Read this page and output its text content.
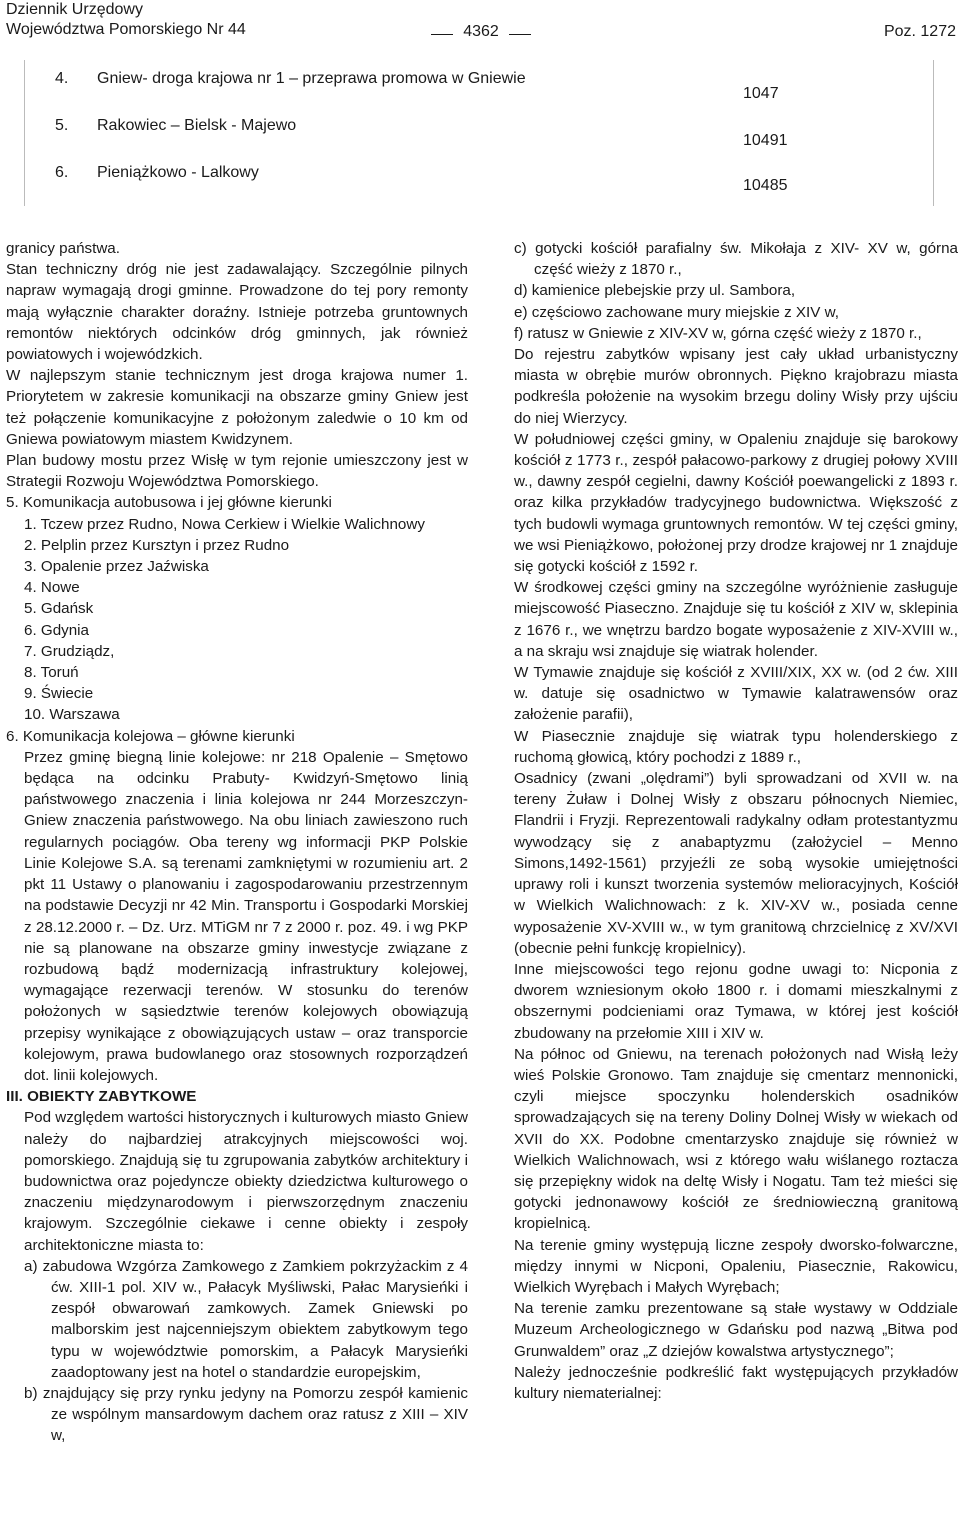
Dziennik Urzędowy
Województwa Pomorskiego Nr 44	4362	Poz. 1272
4. Gniew- droga krajowa nr 1 – przeprawa promowa w Gniewie
5. Rakowiec – Bielsk - Majewo
6. Pieniążkowo - Lalkowy
1047
10491
10485

granicy państwa.

Stan techniczny dróg nie jest zadawalający. Szczególnie pilnych napraw wymagają drogi gminne. Prowadzone do tej pory remonty mają wyłącznie charakter doraźny. Istnieje potrzeba gruntownych remontów niektórych odcinków dróg gminnych, jak również powiatowych i wojewódzkich.

W najlepszym stanie technicznym jest droga krajowa numer 1. Priorytetem w zakresie komunikacji na obszarze gminy Gniew jest też połączenie komunikacyjne z położonym zaledwie o 10 km od Gniewa powiatowym miastem Kwidzynem.

Plan budowy mostu przez Wisłę w tym rejonie umieszczony jest w Strategii Rozwoju Województwa Pomorskiego.

5. Komunikacja autobusowa i jej główne kierunki

1. Tczew przez Rudno, Nowa Cerkiew i Wielkie Walichnowy

2. Pelplin przez Kursztyn i przez Rudno

3. Opalenie przez Jaźwiska

4. Nowe

5. Gdańsk

6. Gdynia

7. Grudziądz,

8. Toruń

9. Świecie

10. Warszawa

6. Komunikacja kolejowa – główne kierunki

Przez gminę biegną linie kolejowe: nr 218 Opalenie – Smętowo będąca na odcinku Prabuty- Kwidzyń-Smętowo linią państwowego znaczenia i linia kolejowa nr 244 Morzeszczyn-Gniew znaczenia państwowego. Na obu liniach zawieszono ruch regularnych pociągów. Oba tereny wg informacji PKP Polskie Linie Kolejowe S.A. są terenami zamkniętymi w rozumieniu art. 2 pkt 11 Ustawy o planowaniu i zagospodarowaniu przestrzennym na podstawie Decyzji nr 42 Min. Transportu i Gospodarki Morskiej z 28.12.2000 r. – Dz. Urz. MTiGM nr 7 z 2000 r. poz. 49. i wg PKP nie są planowane na obszarze gminy inwestycje związane z rozbudową bądź modernizacją infrastruktury kolejowej, wymagające rezerwacji terenów. W stosunku do terenów położonych w sąsiedztwie terenów kolejowych obowiązują przepisy wynikające z obowiązujących ustaw – oraz transporcie kolejowym, prawa budowlanego oraz stosownych rozporządzeń dot. linii kolejowych.

III. OBIEKTY ZABYTKOWE

Pod względem wartości historycznych i kulturowych miasto Gniew należy do najbardziej atrakcyjnych miejscowości woj. pomorskiego. Znajdują się tu zgrupowania zabytków architektury i budownictwa oraz pojedyncze obiekty dziedzictwa kulturowego o znaczeniu międzynarodowym i pierwszorzędnym znaczeniu krajowym. Szczególnie ciekawe i cenne obiekty i zespoły architektoniczne miasta to:

a) zabudowa Wzgórza Zamkowego z Zamkiem pokrzyżackim z 4 ćw. XIII-1 pol. XIV w., Pałacyk Myśliwski, Pałac Marysieńki i zespół obwarowań zamkowych. Zamek Gniewski po malborskim jest najcenniejszym obiektem zabytkowym tego typu w województwie pomorskim, a Pałacyk Marysieńki zaadoptowany jest na hotel o standardzie europejskim,

b) znajdujący się przy rynku jedyny na Pomorzu zespół kamienic ze wspólnym mansardowym dachem oraz ratusz z XIII – XIV w,

c) gotycki kościół parafialny św. Mikołaja z XIV- XV w, górna część wieży z 1870 r.,

d) kamienice plebejskie przy ul. Sambora,

e) częściowo zachowane mury miejskie z XIV w,

f) ratusz w Gniewie z XIV-XV w, górna część wieży z 1870 r.,

Do rejestru zabytków wpisany jest cały układ urbanistyczny miasta w obrębie murów obronnych. Piękno krajobrazu miasta podkreśla położenie na wysokim brzegu doliny Wisły przy ujściu do niej Wierzycy.

W południowej części gminy, w Opaleniu znajduje się barokowy kościół z 1773 r., zespół pałacowo-parkowy z drugiej połowy XVIII w., dawny zespół cegielni, dawny Kościół poewangelicki z 1893 r. oraz kilka przykładów tradycyjnego budownictwa. Większość z tych budowli wymaga gruntownych remontów. W tej części gminy, we wsi Pieniążkowo, położonej przy drodze krajowej nr 1 znajduje się gotycki kościół z 1592 r.

W środkowej części gminy na szczególne wyróżnienie zasługuje miejscowość Piaseczno. Znajduje się tu kościół z XIV w, sklepinia z 1676 r., we wnętrzu bardzo bogate wyposażenie z XIV-XVIII w., a na skraju wsi znajduje się wiatrak holender.

W Tymawie znajduje się kościół z XVIII/XIX, XX w. (od 2 ćw. XIII w. datuje się osadnictwo w Tymawie kalatrawensów oraz założenie parafii),

W Piasecznie znajduje się wiatrak typu holenderskiego z ruchomą głowicą, który pochodzi z 1889 r.,

Osadnicy (zwani „olędrami”) byli sprowadzani od XVII w. na tereny Żuław i Dolnej Wisły z obszaru północnych Niemiec, Flandrii i Fryzji. Reprezentowali radykalny odłam protestantyzmu wywodzący się z anabaptyzmu (założyciel – Menno Simons,1492-1561) przyjeźli ze sobą wysokie umiejętności uprawy roli i kunszt tworzenia systemów melioracyjnych, Kościół w Wielkich Walichnowach: z k. XIV-XV w., posiada cenne wyposażenie XV-XVIII w., w tym granitową chrzcielnicę z XV/XVI (obecnie pełni funkcję kropielnicy).

Inne miejscowości tego rejonu godne uwagi to: Nicponia z dworem wzniesionym około 1800 r. i domami mieszkalnymi z obszernymi podcieniami oraz Tymawa, w której jest kościół zbudowany na przełomie XIII i XIV w.

Na północ od Gniewu, na terenach położonych nad Wisłą leży wieś Polskie Gronowo. Tam znajduje się cmentarz mennonicki, czyli miejsce spoczynku holenderskich osadników sprowadzających się na tereny Doliny Dolnej Wisły w wiekach od XVII do XX. Podobne cmentarzysko znajduje się również w Wielkich Walichnowach, wsi z którego wału wiślanego roztacza się przepiękny widok na deltę Wisły i Nogatu. Tam też mieści się gotycki jednonawowy kościół ze średniowieczną granitową kropielnicą.

Na terenie gminy występują liczne zespoły dworsko-folwarczne, między innymi w Nicponi, Opaleniu, Piasecznie, Rakowicu, Wielkich Wyrębach i Małych Wyrębach;

Na terenie zamku prezentowane są stałe wystawy w Oddziale Muzeum Archeologicznego w Gdańsku pod nazwą „Bitwa pod Grunwaldem” oraz „Z dziejów kowalstwa artystycznego”;

Należy jednocześnie podkreślić fakt występujących przykładów kultury niematerialnej:
